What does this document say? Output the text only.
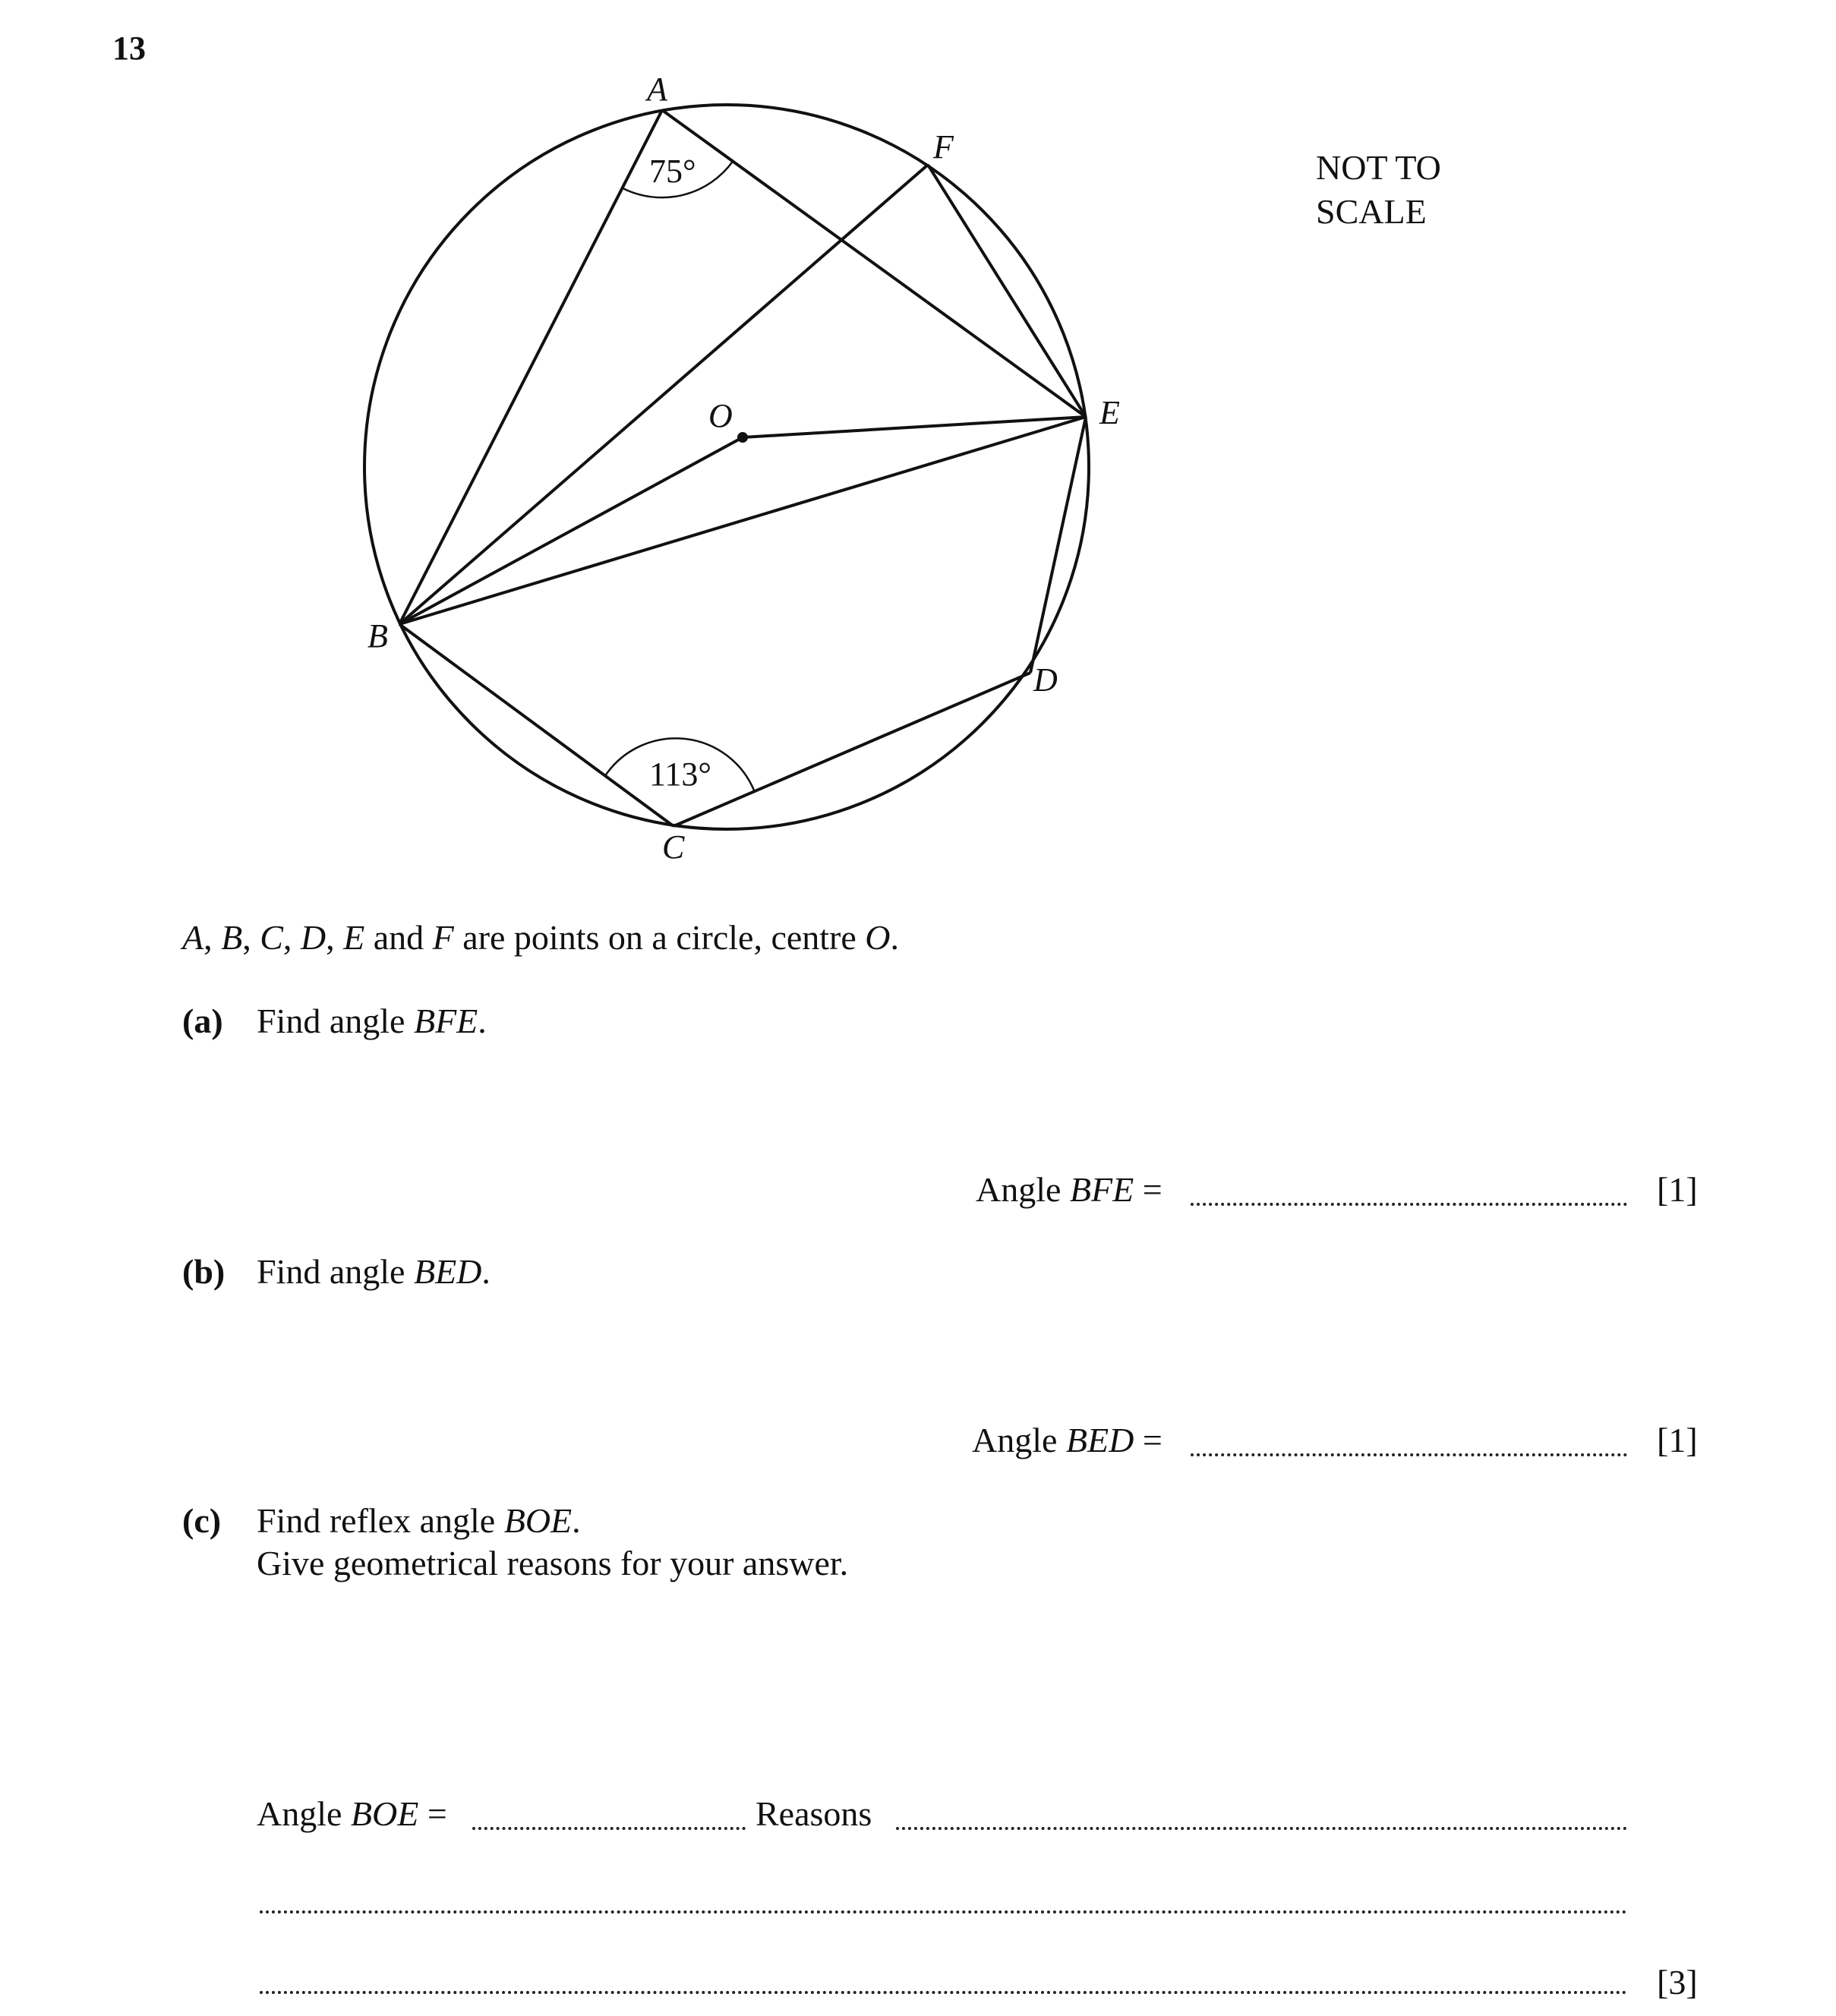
13
A
F
E
O
B
D
C
75°
113°
NOT TO
SCALE
A, B, C, D, E and F are points on a circle, centre O.
(a) Find angle BFE.
Angle BFE =	[1]
(b) Find angle BED.
Angle BED =	[1]
(c) Find reflex angle BOE.
Give geometrical reasons for your answer.
Angle BOE =	Reasons
[3]
